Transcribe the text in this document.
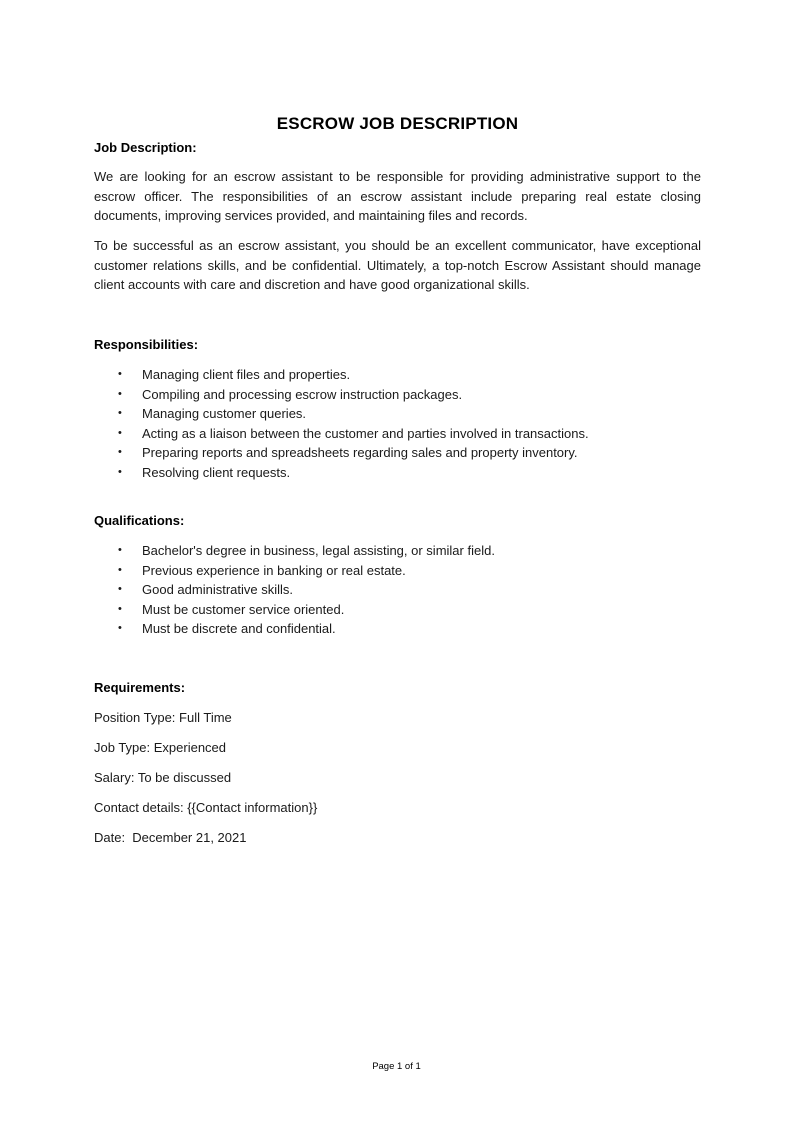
ESCROW JOB DESCRIPTION
Job Description:
We are looking for an escrow assistant to be responsible for providing administrative support to the escrow officer. The responsibilities of an escrow assistant include preparing real estate closing documents, improving services provided, and maintaining files and records.
To be successful as an escrow assistant, you should be an excellent communicator, have exceptional customer relations skills, and be confidential. Ultimately, a top-notch Escrow Assistant should manage client accounts with care and discretion and have good organizational skills.
Responsibilities:
• Managing client files and properties.
• Compiling and processing escrow instruction packages.
• Managing customer queries.
• Acting as a liaison between the customer and parties involved in transactions.
• Preparing reports and spreadsheets regarding sales and property inventory.
• Resolving client requests.
Qualifications:
• Bachelor's degree in business, legal assisting, or similar field.
• Previous experience in banking or real estate.
• Good administrative skills.
• Must be customer service oriented.
• Must be discrete and confidential.
Requirements:
Position Type: Full Time
Job Type: Experienced
Salary: To be discussed
Contact details: {{Contact information}}
Date:  December 21, 2021
Page 1 of 1
